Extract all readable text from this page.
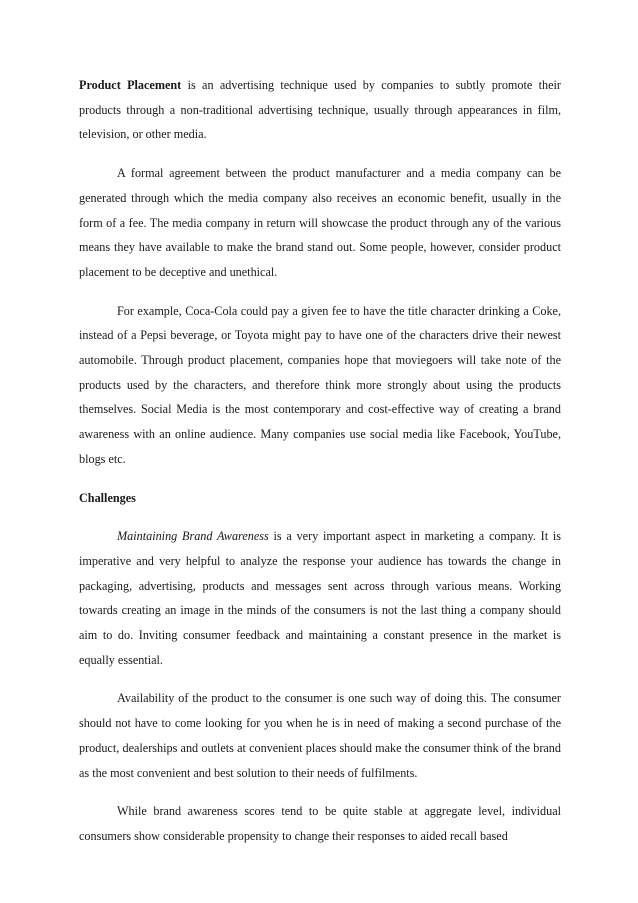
Product Placement is an advertising technique used by companies to subtly promote their products through a non-traditional advertising technique, usually through appearances in film, television, or other media.

A formal agreement between the product manufacturer and a media company can be generated through which the media company also receives an economic benefit, usually in the form of a fee. The media company in return will showcase the product through any of the various means they have available to make the brand stand out. Some people, however, consider product placement to be deceptive and unethical.

For example, Coca-Cola could pay a given fee to have the title character drinking a Coke, instead of a Pepsi beverage, or Toyota might pay to have one of the characters drive their newest automobile. Through product placement, companies hope that moviegoers will take note of the products used by the characters, and therefore think more strongly about using the products themselves. Social Media is the most contemporary and cost-effective way of creating a brand awareness with an online audience. Many companies use social media like Facebook, YouTube, blogs etc.

Challenges

Maintaining Brand Awareness is a very important aspect in marketing a company. It is imperative and very helpful to analyze the response your audience has towards the change in packaging, advertising, products and messages sent across through various means. Working towards creating an image in the minds of the consumers is not the last thing a company should aim to do. Inviting consumer feedback and maintaining a constant presence in the market is equally essential.

Availability of the product to the consumer is one such way of doing this. The consumer should not have to come looking for you when he is in need of making a second purchase of the product, dealerships and outlets at convenient places should make the consumer think of the brand as the most convenient and best solution to their needs of fulfilments.

While brand awareness scores tend to be quite stable at aggregate level, individual consumers show considerable propensity to change their responses to aided recall based
